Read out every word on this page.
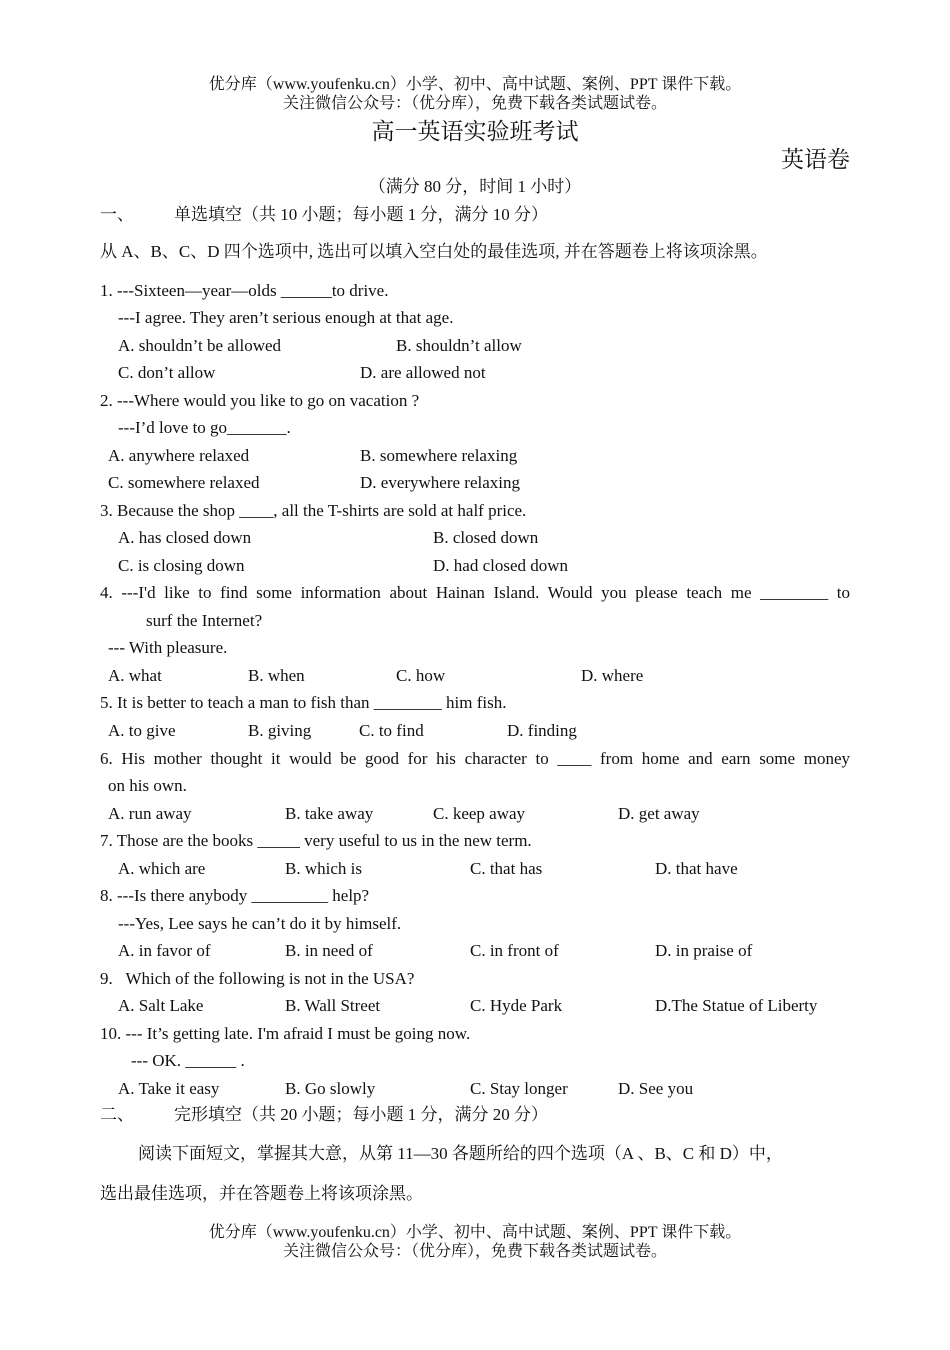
优分库（www.youfenku.cn）小学、初中、高中试题、案例、PPT 课件下载。
关注微信公众号：（优分库），免费下载各类试题试卷。
高一英语实验班考试
英语卷
（满分 80 分，时间 1 小时）
一、 单选填空（共 10 小题；每小题 1 分，满分 10 分）
从 A、B、C、D 四个选项中, 选出可以填入空白处的最佳选项, 并在答题卷上将该项涂黑。
1. ---Sixteen—year—olds ______to drive.
---I agree. They aren’t serious enough at that age.
A. shouldn’t be allowed	B. shouldn’t allow
C. don’t allow	D. are allowed not
2. ---Where would you like to go on vacation ?
---I’d love to go_______.
A. anywhere relaxed	B. somewhere relaxing
C. somewhere relaxed	D. everywhere relaxing
3. Because the shop ____, all the T-shirts are sold at half price.
A. has closed down	B. closed down
C. is closing down	D. had closed down
4. ---I'd like to find some information about Hainan Island. Would you please teach me ________ to
surf the Internet?
--- With pleasure.
A. what	B. when	C. how	D. where
5. It is better to teach a man to fish than ________ him fish.
A. to give	B. giving	C. to find	D. finding
6. His mother thought it would be good for his character to ____ from home and earn some money
on his own.
A. run away	B. take away	C. keep away	D. get away
7. Those are the books _____ very useful to us in the new term.
A. which are	B. which is	C. that has	D. that have
8. ---Is there anybody _________ help?
---Yes, Lee says he can’t do it by himself.
A. in favor of	B. in need of	C. in front of	D. in praise of
9.   Which of the following is not in the USA?
A. Salt Lake	B. Wall Street	C. Hyde Park	D.The Statue of Liberty
10. --- It’s getting late. I'm afraid I must be going now.
--- OK. ______ .
A. Take it easy	B. Go slowly	C. Stay longer	D. See you
二、 完形填空（共 20 小题；每小题 1 分，满分 20 分）
阅读下面短文，掌握其大意，从第 11—30 各题所给的四个选项（A 、B、C 和 D）中，
选出最佳选项，并在答题卷上将该项涂黑。
优分库（www.youfenku.cn）小学、初中、高中试题、案例、PPT 课件下载。
关注微信公众号：（优分库），免费下载各类试题试卷。
